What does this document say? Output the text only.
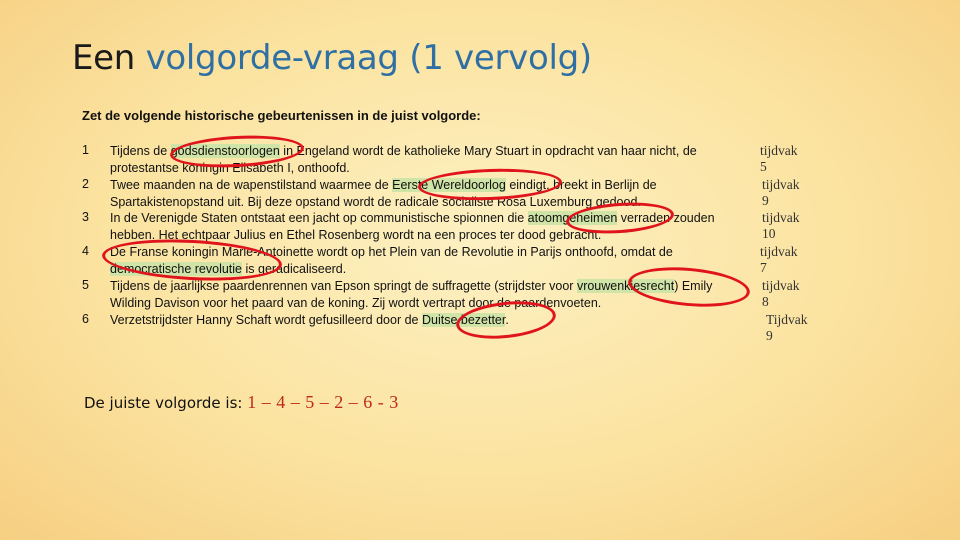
Een volgorde-vraag (1 vervolg)
Zet de volgende historische gebeurtenissen in de juist volgorde:
1 Tijdens de godsdienstoorlogen in Engeland wordt de katholieke Mary Stuart in opdracht van haar nicht, de protestantse koningin Elisabeth I, onthoofd.
tijdvak 5
2 Twee maanden na de wapenstilstand waarmee de Eerste Wereldoorlog eindigt, breekt in Berlijn de Spartakistenopstand uit. Bij deze opstand wordt de radicale socialiste Rosa Luxemburg gedood.
tijdvak 9
3 In de Verenigde Staten ontstaat een jacht op communistische spionnen die atoomgeheimen verraden zouden hebben. Het echtpaar Julius en Ethel Rosenberg wordt na een proces ter dood gebracht.
tijdvak 10
4 De Franse koningin Marie-Antoinette wordt op het Plein van de Revolutie in Parijs onthoofd, omdat de democratische revolutie is geradicaliseerd.
tijdvak 7
5 Tijdens de jaarlijkse paardenrennen van Epson springt de suffragette (strijdster voor vrouwenkiesrecht) Emily Wilding Davison voor het paard van de koning. Zij wordt vertrapt door de paardenvoeten.
tijdvak 8
6 Verzetstrijdster Hanny Schaft wordt gefusilleerd door de Duitse bezetter.	Tijdvak 9
De juiste volgorde is: 1 – 4 – 5 – 2 – 6 - 3
